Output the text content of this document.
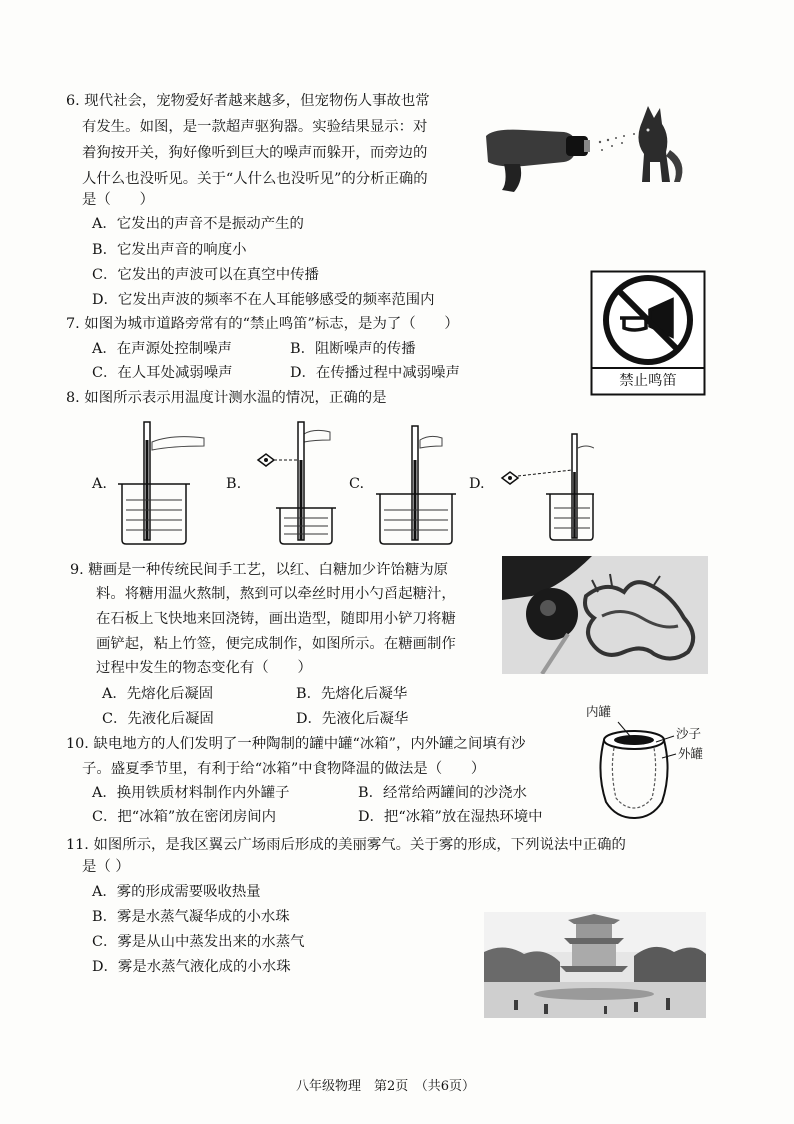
6. 现代社会，宠物爱好者越来越多，但宠物伤人事故也常
有发生。如图，是一款超声驱狗器。实验结果显示：对
着狗按开关，狗好像听到巨大的噪声而躲开，而旁边的
人什么也没听见。关于“人什么也没听见”的分析正确的
是（　　）
A．它发出的声音不是振动产生的
B．它发出声音的响度小
C．它发出的声波可以在真空中传播
D．它发出声波的频率不在人耳能够感受的频率范围内
7. 如图为城市道路旁常有的“禁止鸣笛”标志，是为了（　　）
A．在声源处控制噪声	B．阻断噪声的传播
C．在人耳处减弱噪声	D．在传播过程中减弱噪声	禁止鸣笛
8. 如图所示表示用温度计测水温的情况，正确的是
A.	B.	C.	D.
9. 糖画是一种传统民间手工艺，以红、白糖加少许饴糖为原
料。将糖用温火熬制，熬到可以牵丝时用小勺舀起糖汁，
在石板上飞快地来回浇铸，画出造型，随即用小铲刀将糖
画铲起，粘上竹签，便完成制作，如图所示。在糖画制作
过程中发生的物态变化有（　　）
A．先熔化后凝固	B．先熔化后凝华
C．先液化后凝固	D．先液化后凝华
10. 缺电地方的人们发明了一种陶制的罐中罐“冰箱”，内外罐之间填有沙
子。盛夏季节里，有利于给“冰箱”中食物降温的做法是（　　）
A．换用铁质材料制作内外罐子	B．经常给两罐间的沙浇水
C．把“冰箱”放在密闭房间内	D．把“冰箱”放在湿热环境中
内罐
沙子
外罐
11. 如图所示，是我区翼云广场雨后形成的美丽雾气。关于雾的形成，下列说法中正确的
是（ ）
A．雾的形成需要吸收热量
B．雾是水蒸气凝华成的小水珠
C．雾是从山中蒸发出来的水蒸气
D．雾是水蒸气液化成的小水珠
八年级物理　第2页　（共6页）
